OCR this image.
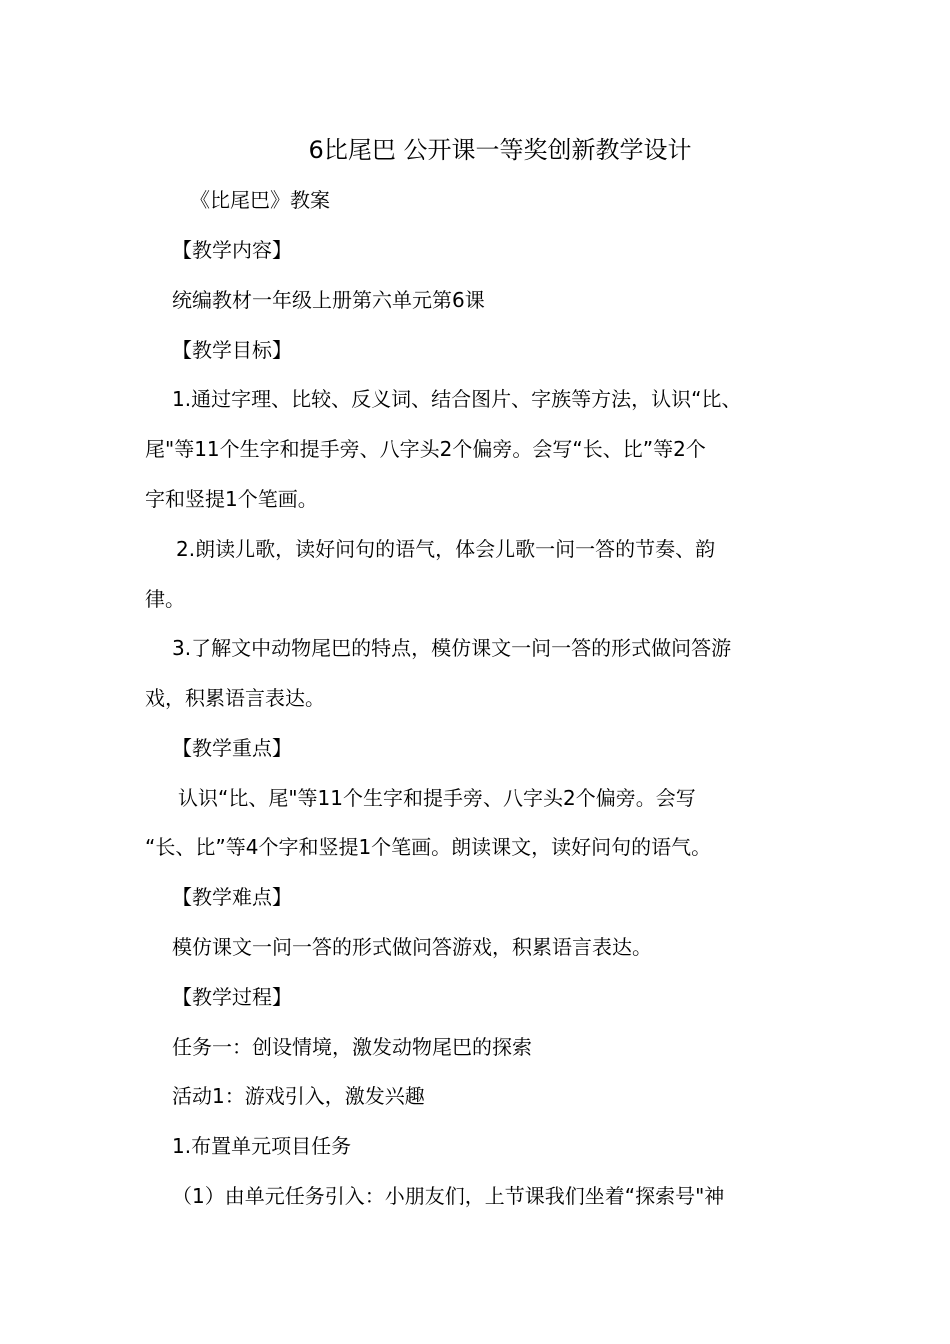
6比尾巴 公开课一等奖创新教学设计
《比尾巴》教案
【教学内容】
统编教材一年级上册第六单元第6课
【教学目标】
1.通过字理、比较、反义词、结合图片、字族等方法，认识“比、
尾"等11个生字和提手旁、八字头2个偏旁。会写“长、比”等2个
字和竖提1个笔画。
2.朗读儿歌，读好问句的语气，体会儿歌一问一答的节奏、韵
律。
3.了解文中动物尾巴的特点，模仿课文一问一答的形式做问答游
戏，积累语言表达。
【教学重点】
认识“比、尾"等11个生字和提手旁、八字头2个偏旁。会写
“长、比”等4个字和竖提1个笔画。朗读课文，读好问句的语气。
【教学难点】
模仿课文一问一答的形式做问答游戏，积累语言表达。
【教学过程】
任务一：创设情境，激发动物尾巴的探索
活动1：游戏引入，激发兴趣
1.布置单元项目任务
（1）由单元任务引入：小朋友们，上节课我们坐着“探索号"神
